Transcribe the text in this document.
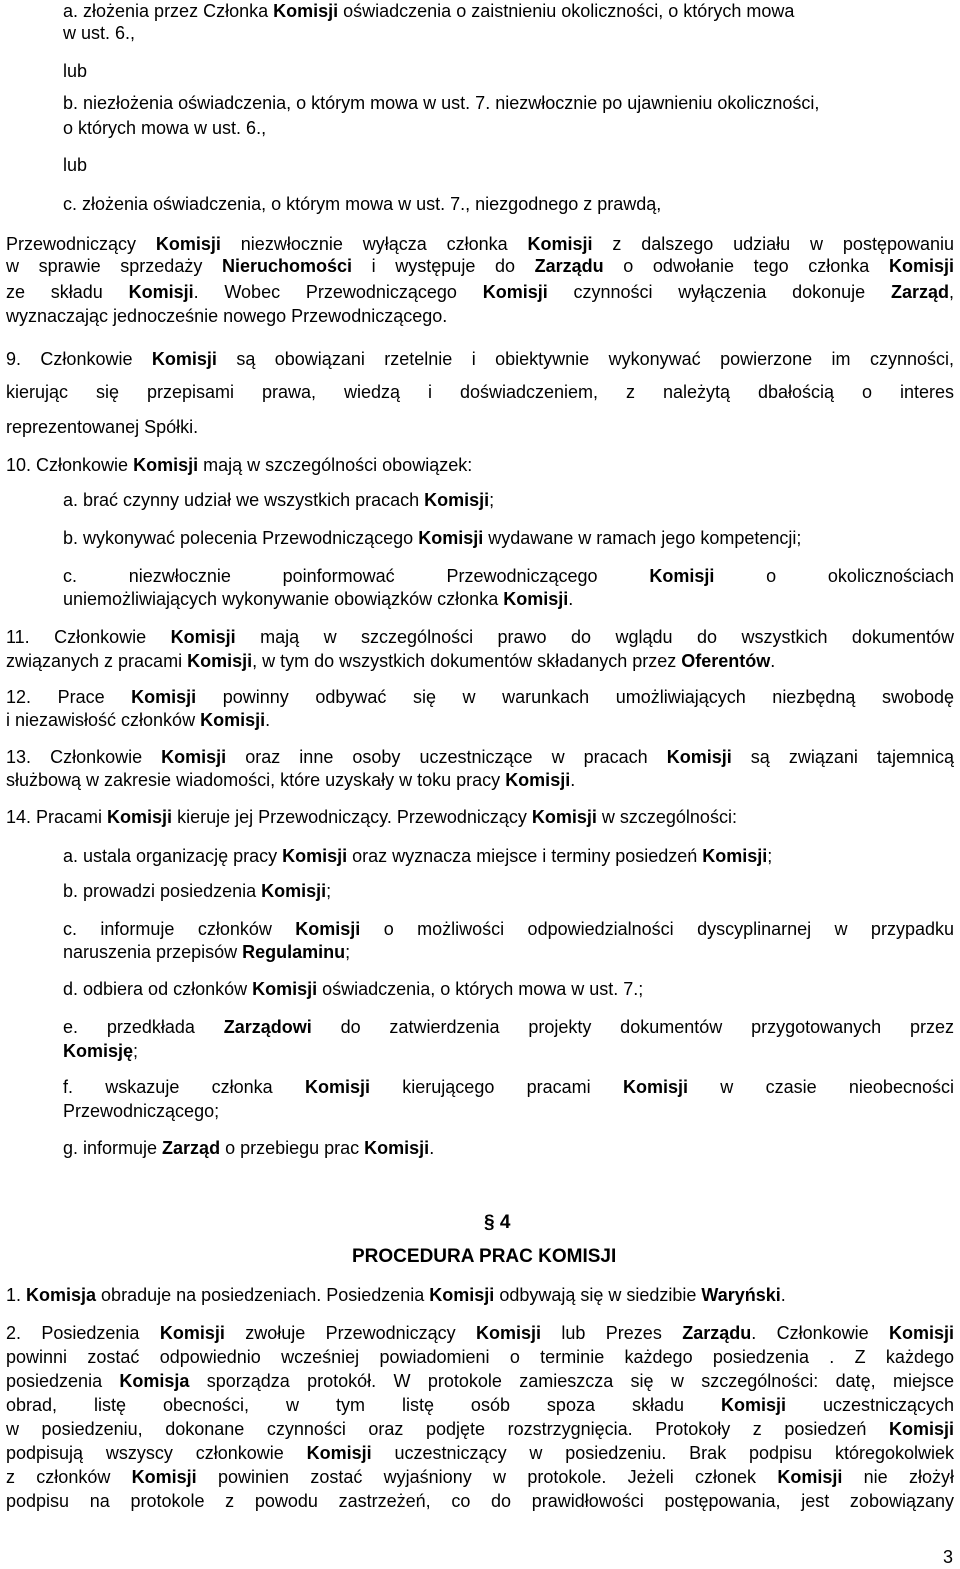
a. złożenia przez Członka Komisji oświadczenia o zaistnieniu okoliczności, o których mowa
w ust. 6.,
lub
b. niezłożenia oświadczenia, o którym mowa w ust. 7. niezwłocznie po ujawnieniu okoliczności,
o których mowa w ust. 6.,
lub
c. złożenia oświadczenia, o którym mowa w ust. 7., niezgodnego z prawdą,
Przewodniczący Komisji niezwłocznie wyłącza członka Komisji z dalszego udziału w postępowaniu
w sprawie sprzedaży Nieruchomości i występuje do Zarządu o odwołanie tego członka Komisji
ze składu Komisji. Wobec Przewodniczącego Komisji czynności wyłączenia dokonuje Zarząd,
wyznaczając jednocześnie nowego Przewodniczącego.
9. Członkowie Komisji są obowiązani rzetelnie i obiektywnie wykonywać powierzone im czynności,
kierując się przepisami prawa, wiedzą i doświadczeniem, z należytą dbałością o interes
reprezentowanej Spółki.
10. Członkowie Komisji mają w szczególności obowiązek:
a. brać czynny udział we wszystkich pracach Komisji;
b. wykonywać polecenia Przewodniczącego Komisji wydawane w ramach jego kompetencji;
c. niezwłocznie poinformować Przewodniczącego Komisji o okolicznościach
uniemożliwiających wykonywanie obowiązków członka Komisji.
11. Członkowie Komisji mają w szczególności prawo do wglądu do wszystkich dokumentów
związanych z pracami Komisji, w tym do wszystkich dokumentów składanych przez Oferentów.
12. Prace Komisji powinny odbywać się w warunkach umożliwiających niezbędną swobodę
i niezawisłość członków Komisji.
13. Członkowie Komisji oraz inne osoby uczestniczące w pracach Komisji są związani tajemnicą
służbową w zakresie wiadomości, które uzyskały w toku pracy Komisji.
14. Pracami Komisji kieruje jej Przewodniczący. Przewodniczący Komisji w szczególności:
a. ustala organizację pracy Komisji oraz wyznacza miejsce i terminy posiedzeń Komisji;
b. prowadzi posiedzenia Komisji;
c. informuje członków Komisji o możliwości odpowiedzialności dyscyplinarnej w przypadku
naruszenia przepisów Regulaminu;
d. odbiera od członków Komisji oświadczenia, o których mowa w ust. 7.;
e. przedkłada Zarządowi do zatwierdzenia projekty dokumentów przygotowanych przez
Komisję;
f. wskazuje członka Komisji kierującego pracami Komisji w czasie nieobecności
Przewodniczącego;
g. informuje Zarząd o przebiegu prac Komisji.
§ 4
PROCEDURA PRAC KOMISJI
1. Komisja obraduje na posiedzeniach. Posiedzenia Komisji odbywają się w siedzibie Waryński.
2. Posiedzenia Komisji zwołuje Przewodniczący Komisji lub Prezes Zarządu. Członkowie Komisji
powinni zostać odpowiednio wcześniej powiadomieni o terminie każdego posiedzenia . Z każdego
posiedzenia Komisja sporządza protokół. W protokole zamieszcza się w szczególności: datę, miejsce
obrad, listę obecności, w tym listę osób spoza składu Komisji uczestniczących
w posiedzeniu, dokonane czynności oraz podjęte rozstrzygnięcia. Protokoły z posiedzeń Komisji
podpisują wszyscy członkowie Komisji uczestniczący w posiedzeniu. Brak podpisu któregokolwiek
z członków Komisji powinien zostać wyjaśniony w protokole. Jeżeli członek Komisji nie złożył
podpisu na protokole z powodu zastrzeżeń, co do prawidłowości postępowania, jest zobowiązany
3
